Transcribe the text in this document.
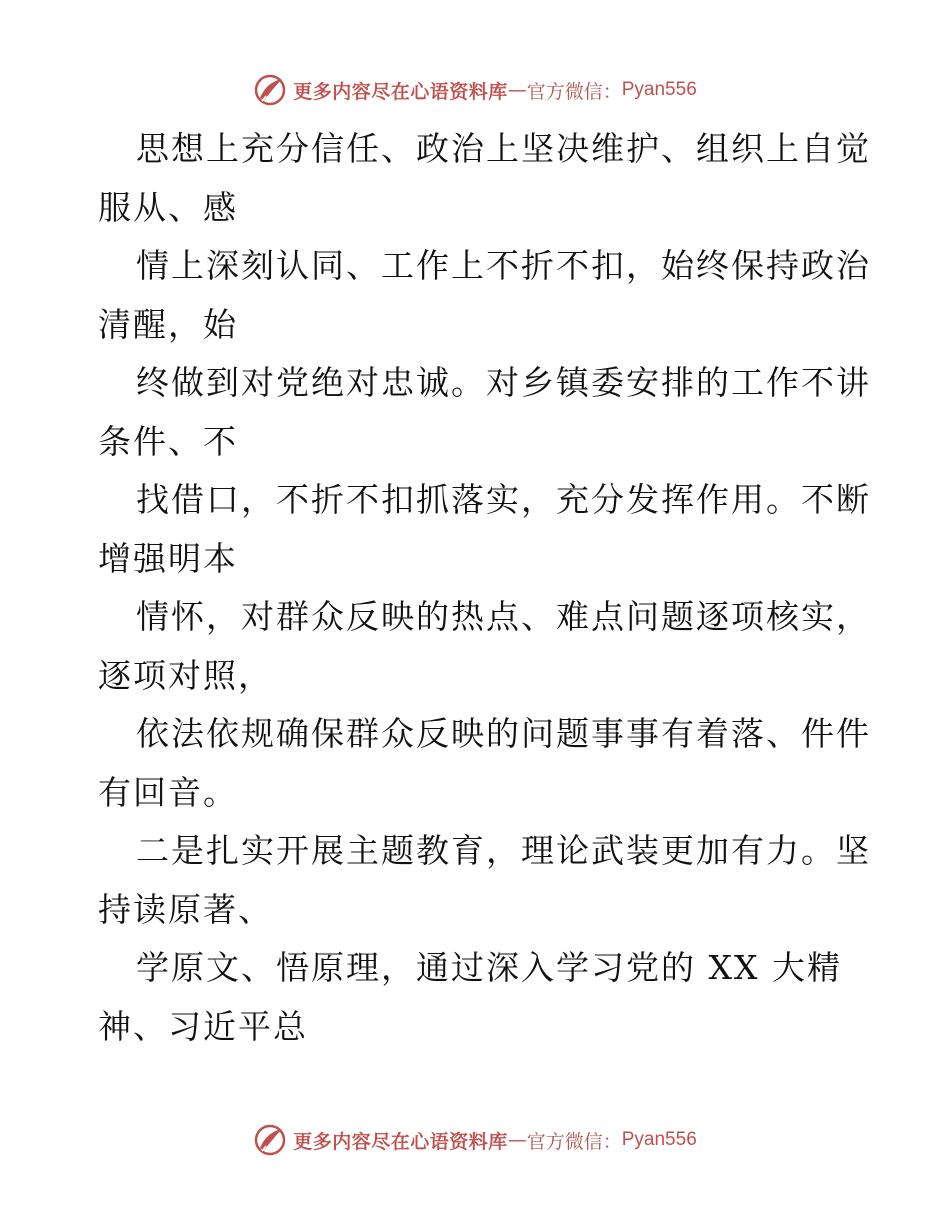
更多内容尽在心语资料库 — 官方微信： Pyan556
思想上充分信任、政治上坚决维护、组织上自觉
服从、感
情上深刻认同、工作上不折不扣，始终保持政治
清醒，始
终做到对党绝对忠诚。对乡镇委安排的工作不讲
条件、不
找借口，不折不扣抓落实，充分发挥作用。不断
增强明本
情怀，对群众反映的热点、难点问题逐项核实，
逐项对照，
依法依规确保群众反映的问题事事有着落、件件
有回音。
二是扎实开展主题教育，理论武装更加有力。坚
持读原著、
学原文、悟原理，通过深入学习党的 XX 大精
神、习近平总
更多内容尽在心语资料库 — 官方微信： Pyan556
